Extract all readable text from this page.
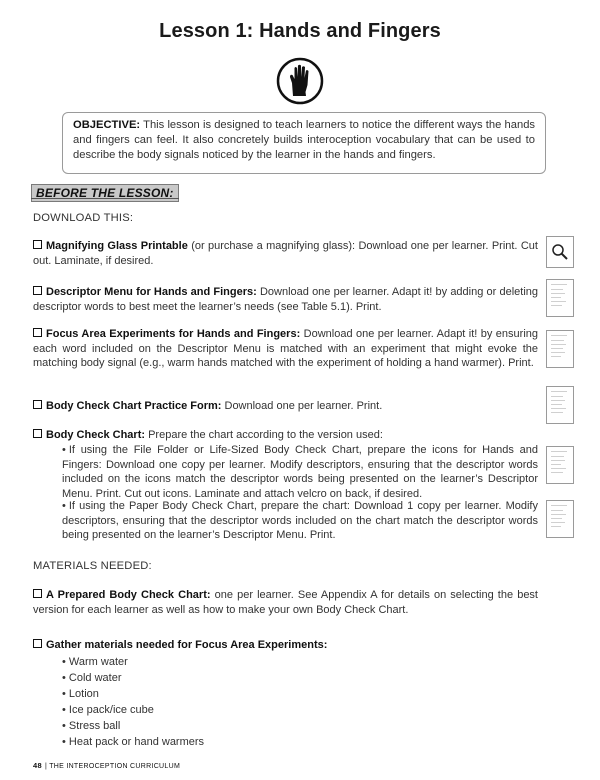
Lesson 1: Hands and Fingers
OBJECTIVE: This lesson is designed to teach learners to notice the different ways the hands and fingers can feel. It also concretely builds interoception vocabulary that can be used to describe the body signals noticed by the learner in the hands and fingers.
BEFORE THE LESSON:
DOWNLOAD THIS:
Magnifying Glass Printable (or purchase a magnifying glass): Download one per learner. Print. Cut out. Laminate, if desired.
Descriptor Menu for Hands and Fingers: Download one per learner. Adapt it! by adding or deleting descriptor words to best meet the learner’s needs (see Table 5.1). Print.
Focus Area Experiments for Hands and Fingers: Download one per learner. Adapt it! by ensuring each word included on the Descriptor Menu is matched with an experiment that might evoke the matching body signal (e.g., warm hands matched with the experiment of holding a hand warmer). Print.
Body Check Chart Practice Form: Download one per learner. Print.
Body Check Chart: Prepare the chart according to the version used:
• If using the File Folder or Life-Sized Body Check Chart, prepare the icons for Hands and Fingers: Download one copy per learner. Modify descriptors, ensuring that the descriptor words included on the icons match the descriptor words being presented on the learner’s Descriptor Menu. Print. Cut out icons. Laminate and attach velcro on back, if desired.
• If using the Paper Body Check Chart, prepare the chart: Download 1 copy per learner. Modify descriptors, ensuring that the descriptor words included on the chart match the descriptor words being presented on the learner’s Descriptor Menu. Print.
MATERIALS NEEDED:
A Prepared Body Check Chart: one per learner. See Appendix A for details on selecting the best version for each learner as well as how to make your own Body Check Chart.
Gather materials needed for Focus Area Experiments:
• Warm water
• Cold water
• Lotion
• Ice pack/ice cube
• Stress ball
• Heat pack or hand warmers
48 | THE INTEROCEPTION CURRICULUM
